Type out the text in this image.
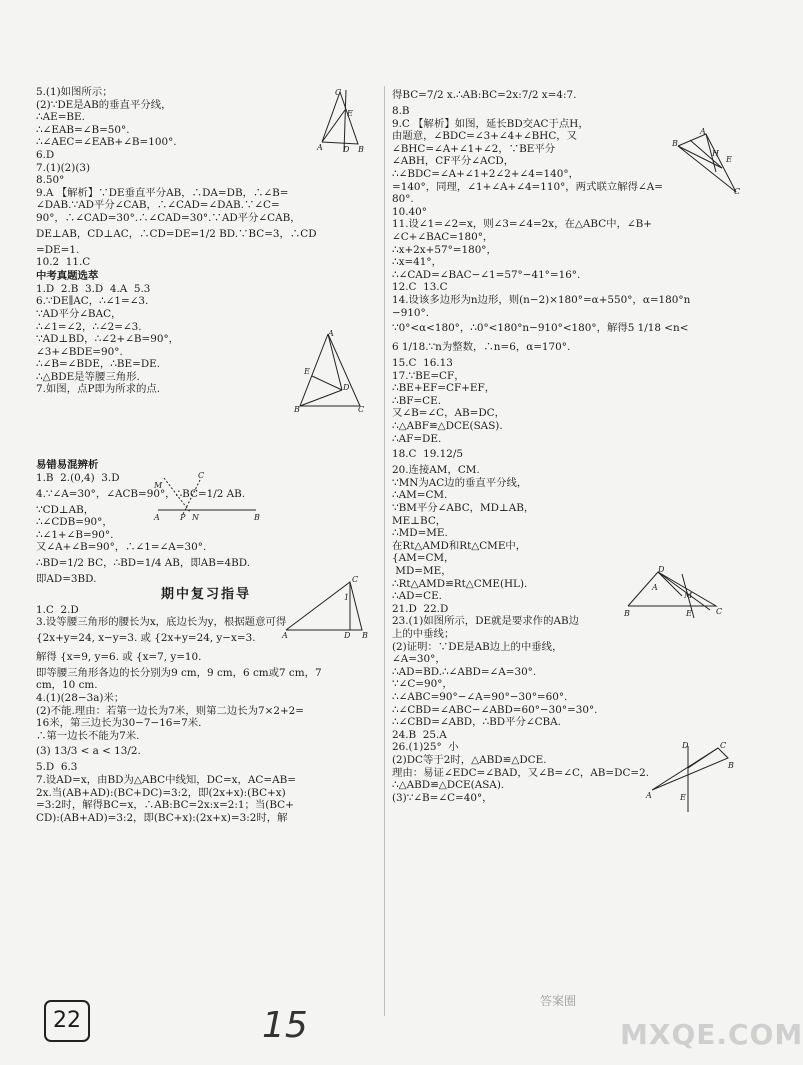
5.(1)如图所示；
(2)∵DE是AB的垂直平分线，
∴AE=BE.
∴∠EAB=∠B=50°.
∴∠AEC=∠EAB+∠B=100°.
6.D
7.(1)(2)(3)
8.50°
9.A 【解析】∵DE垂直平分AB，∴DA=DB，∴∠B=
∠DAB.∵AD平分∠CAB，∴∠CAD=∠DAB.∵∠C=
90°，∴∠CAD=30°.∴∠CAD=30°.∵AD平分∠CAB，
DE⊥AB，CD⊥AC，∴CD=DE=1/2 BD.∵BC=3，∴CD
=DE=1.
10.2  11.C
中考真题选萃
1.D  2.B  3.D  4.A  5.3
6.∵DE∥AC，∴∠1=∠3.
∵AD平分∠BAC，
∴∠1=∠2，∴∠2=∠3.
∵AD⊥BD，∴∠2+∠B=90°，
∠3+∠BDE=90°.
∴∠B=∠BDE，∴BE=DE.
∴△BDE是等腰三角形.
7.如图，点P即为所求的点.
易错易混辨析
1.B  2.(0,4)  3.D
4.∵∠A=30°，∠ACB=90°，∴BC=1/2 AB.
∵CD⊥AB，
∴∠CDB=90°，
∴∠1+∠B=90°.
又∠A+∠B=90°，∴∠1=∠A=30°.
∴BD=1/2 BC，∴BD=1/4 AB，即AB=4BD.
即AD=3BD.
期中复习指导
1.C  2.D
3.设等腰三角形的腰长为x，底边长为y，根据题意可得
{2x+y=24, x−y=3. 或 {2x+y=24, y−x=3.
解得 {x=9, y=6. 或 {x=7, y=10.
即等腰三角形各边的长分别为9 cm，9 cm，6 cm或7 cm，7
cm，10 cm.
4.(1)(28−3a)米；
(2)不能.理由：若第一边长为7米，则第二边长为7×2+2=
16米，第三边长为30−7−16=7米.
∴第一边长不能为7米.
(3) 13/3 < a < 13/2.
5.D  6.3
7.设AD=x，由BD为△ABC中线知，DC=x，AC=AB=
2x.当(AB+AD):(BC+DC)=3:2，即(2x+x):(BC+x)
=3:2时，解得BC=x，∴AB:BC=2x:x=2:1；当(BC+
CD):(AB+AD)=3:2，即(BC+x):(2x+x)=3:2时，解
得BC=7/2 x.∴AB:BC=2x:7/2 x=4:7.
8.B
9.C 【解析】如图，延长BD交AC于点H，
由题意，∠BDC=∠3+∠4+∠BHC，又
∠BHC=∠A+∠1+∠2，∵BE平分
∠ABH，CF平分∠ACD，
∴∠BDC=∠A+∠1+2∠2+∠4=140°，
=140°，同理，∠1+∠A+∠4=110°，两式联立解得∠A=
80°.
10.40°
11.设∠1=∠2=x，则∠3=∠4=2x，在△ABC中，∠B+
∠C+∠BAC=180°，
∴x+2x+57°=180°，
∴x=41°，
∴∠CAD=∠BAC−∠1=57°−41°=16°.
12.C  13.C
14.设该多边形为n边形，则(n−2)×180°=α+550°，α=180°n
−910°.
∵0°<α<180°，∴0°<180°n−910°<180°，解得5 1/18 <n<
6 1/18.∵n为整数，∴n=6，α=170°.
15.C  16.13
17.∵BE=CF，
∴BE+EF=CF+EF，
∴BF=CE.
又∠B=∠C，AB=DC，
∴△ABF≌△DCE(SAS).
∴AF=DE.
18.C  19.12/5
20.连接AM，CM.
∵MN为AC边的垂直平分线，
∴AM=CM.
∵BM平分∠ABC，MD⊥AB，
ME⊥BC，
∴MD=ME.
在Rt△AMD和Rt△CME中，
{AM=CM，
MD=ME，
∴Rt△AMD≌Rt△CME(HL).
∴AD=CE.
21.D  22.D
23.(1)如图所示，DE就是要求作的AB边
上的中垂线；
(2)证明：∵DE是AB边上的中垂线，
∠A=30°，
∴AD=BD.∴∠ABD=∠A=30°.
∵∠C=90°，
∴∠ABC=90°−∠A=90°−30°=60°.
∴∠CBD=∠ABC−∠ABD=60°−30°=30°.
∴∠CBD=∠ABD，∴BD平分∠CBA.
24.B  25.A
26.(1)25°  小
(2)DC等于2时，△ABD≌△DCE.
理由：易证∠EDC=∠BAD，又∠B=∠C，AB=DC=2.
∴△ABD≌△DCE(ASA).
(3)∵∠B=∠C=40°，
C
E
A	D B
A
E
D
B	C
M
C
A	P N	B
C
1
A	D B
A
B
E
H
C
D
A
M
B	E	C
C
D
A	E
B
22	15
答案圈
MXQE.COM
